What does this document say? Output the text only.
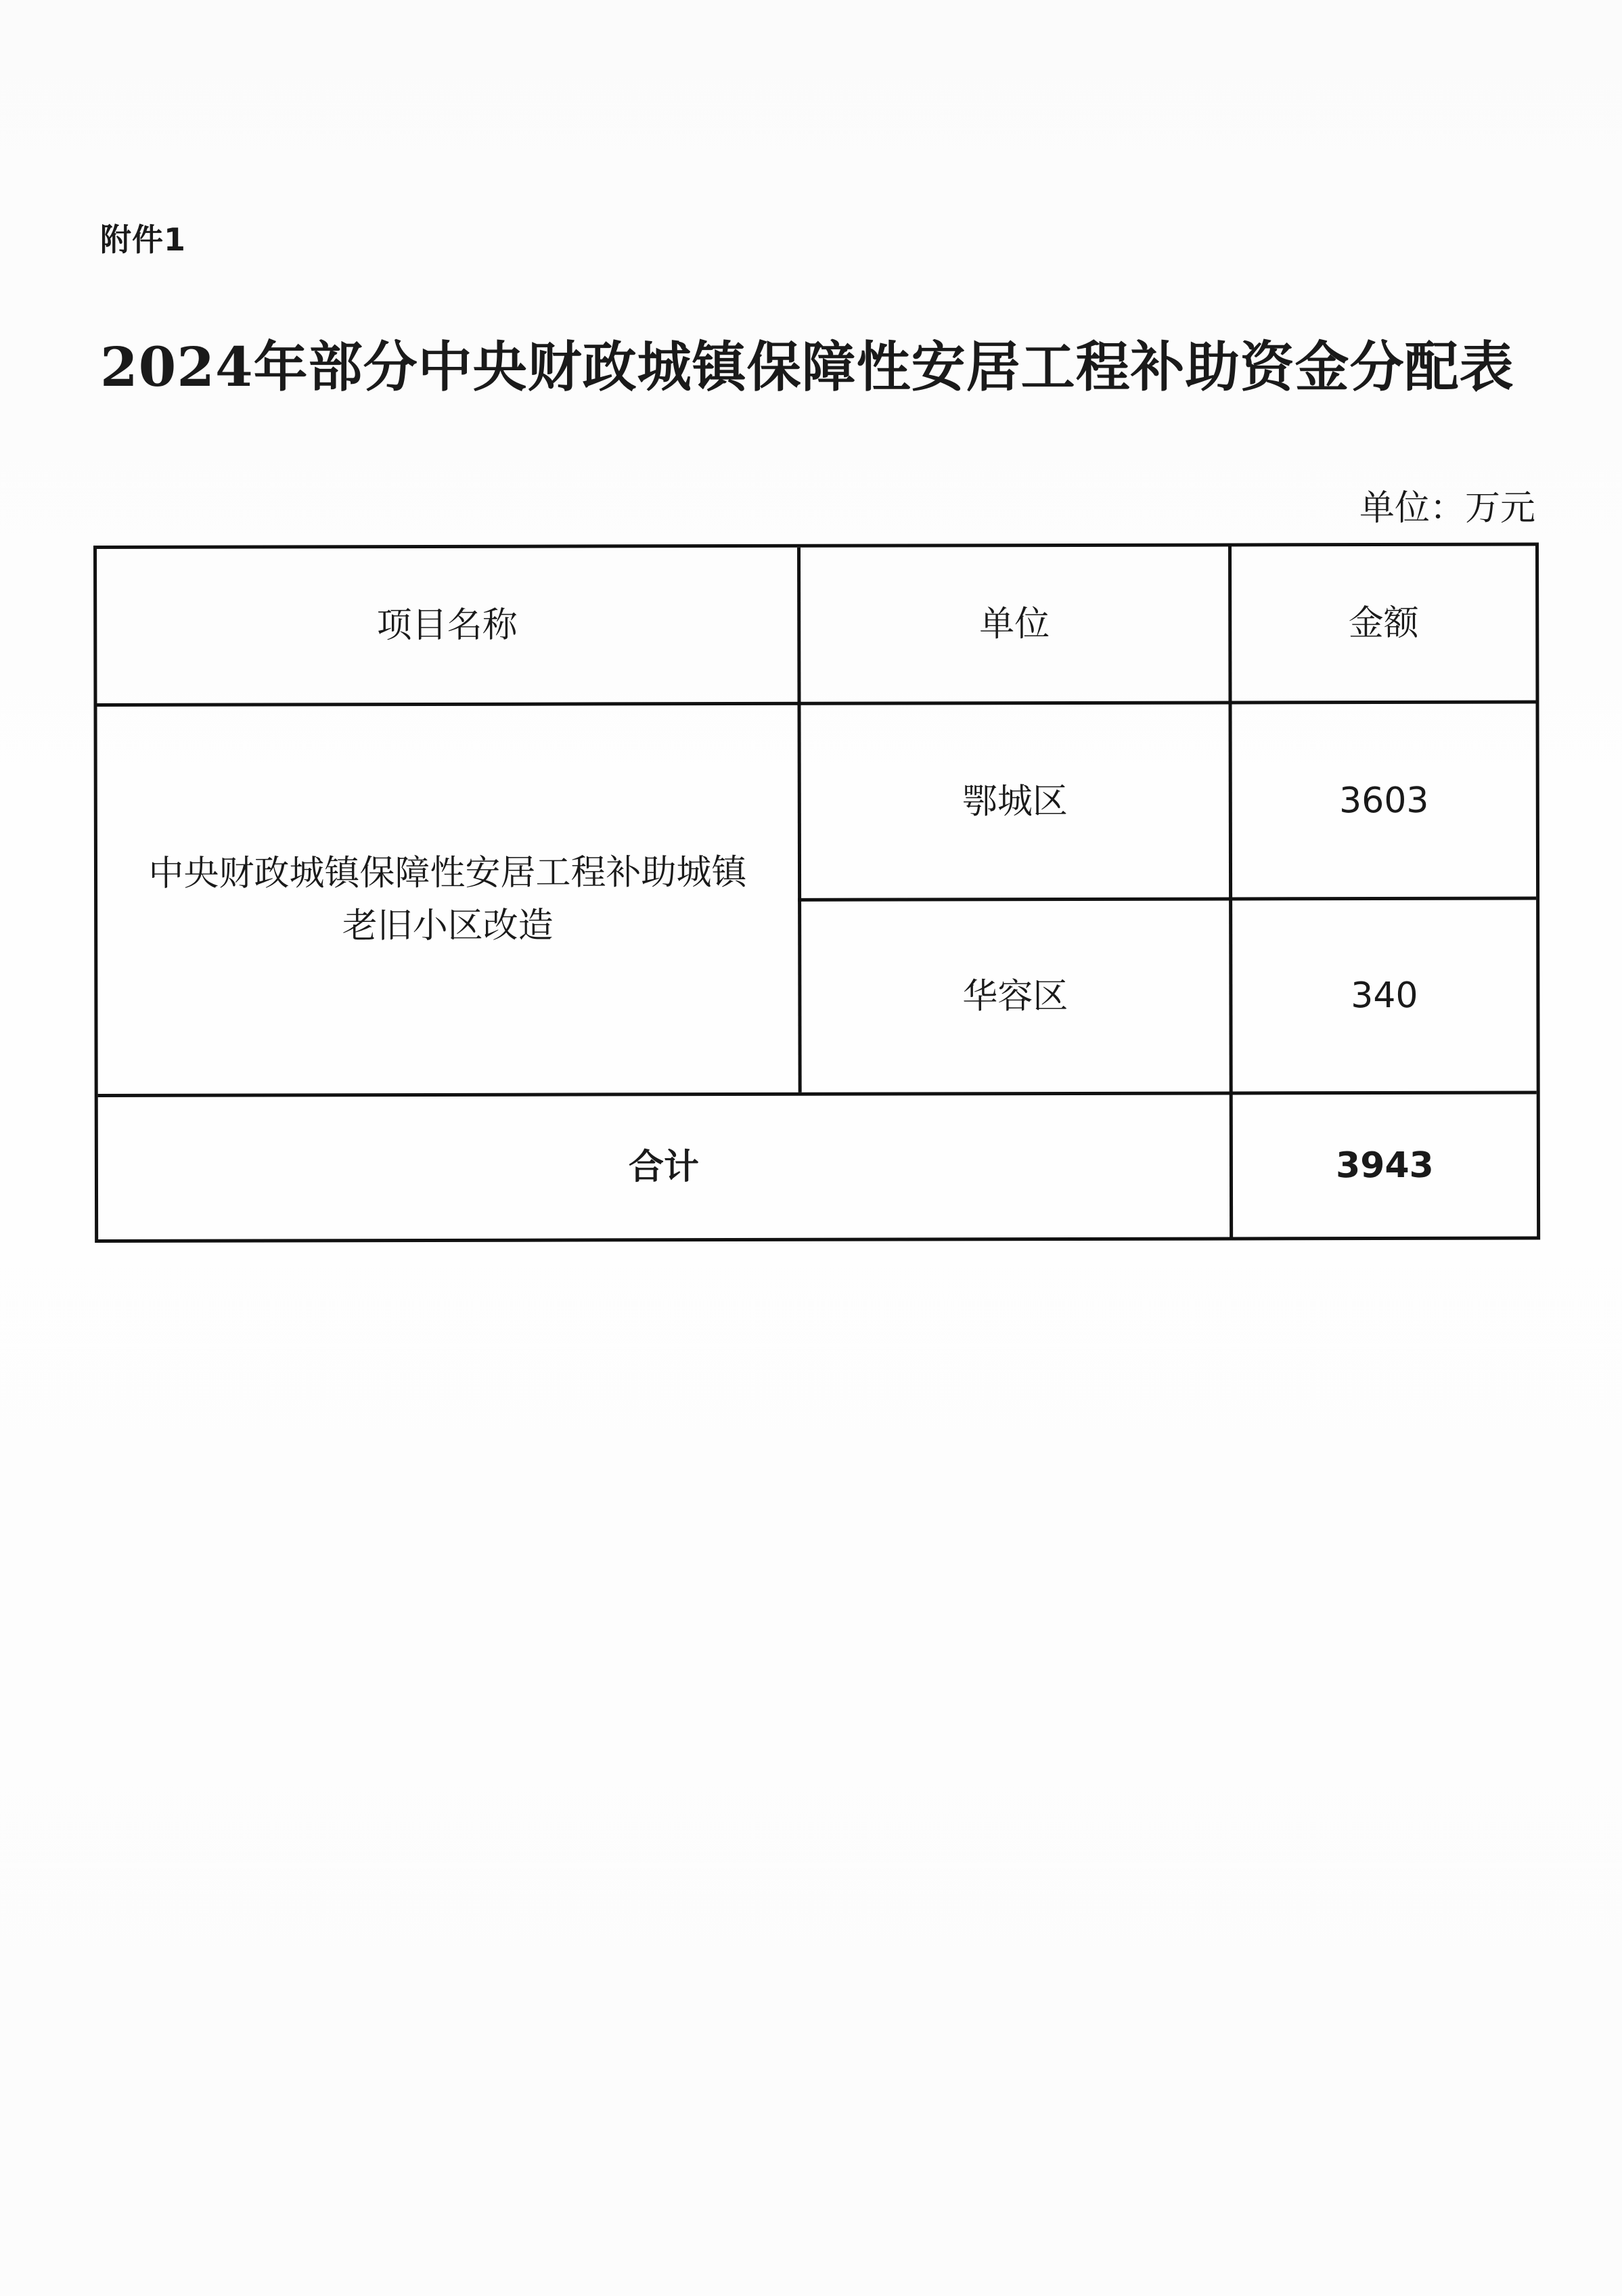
附件1
2024年部分中央财政城镇保障性安居工程补助资金分配表
单位：万元
项目名称	单位	金额
中央财政城镇保障性安居工程补助城镇
老旧小区改造
鄂城区	3603
华容区	340
合计	3943
